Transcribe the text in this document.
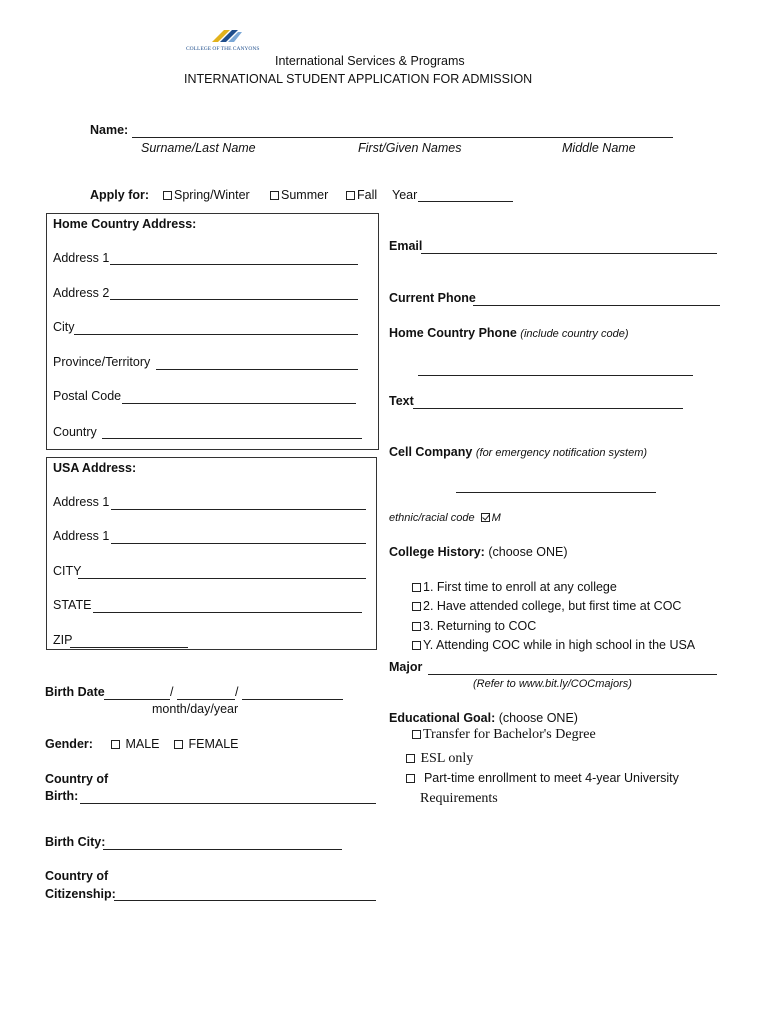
COLLEGE OF THE CANYONS
International Services & Programs
INTERNATIONAL STUDENT APPLICATION FOR ADMISSION
Name:
Surname/Last Name	First/Given Names	Middle Name
Apply for:	Spring/Winter	Summer	Fall Year
Home Country Address:
Address 1
Address 2
City
Province/Territory
Postal Code
Country
USA Address:
Address 1
Address 1
CITY
STATE
ZIP
Birth Date	/	/
month/day/year
Gender:	MALE	FEMALE
Country of
Birth:
Birth City:
Country of
Citizenship:
Email
Current Phone
Home Country Phone (include country code)
Text
Cell Company (for emergency notification system)
ethnic/racial code M
College History: (choose ONE)
1. First time to enroll at any college
2. Have attended college, but first time at COC
3. Returning to COC
Y. Attending COC while in high school in the USA
Major
(Refer to www.bit.ly/COCmajors)
Educational Goal: (choose ONE)
Transfer for Bachelor's Degree
ESL only
Part-time enrollment to meet 4-year University
Requirements
